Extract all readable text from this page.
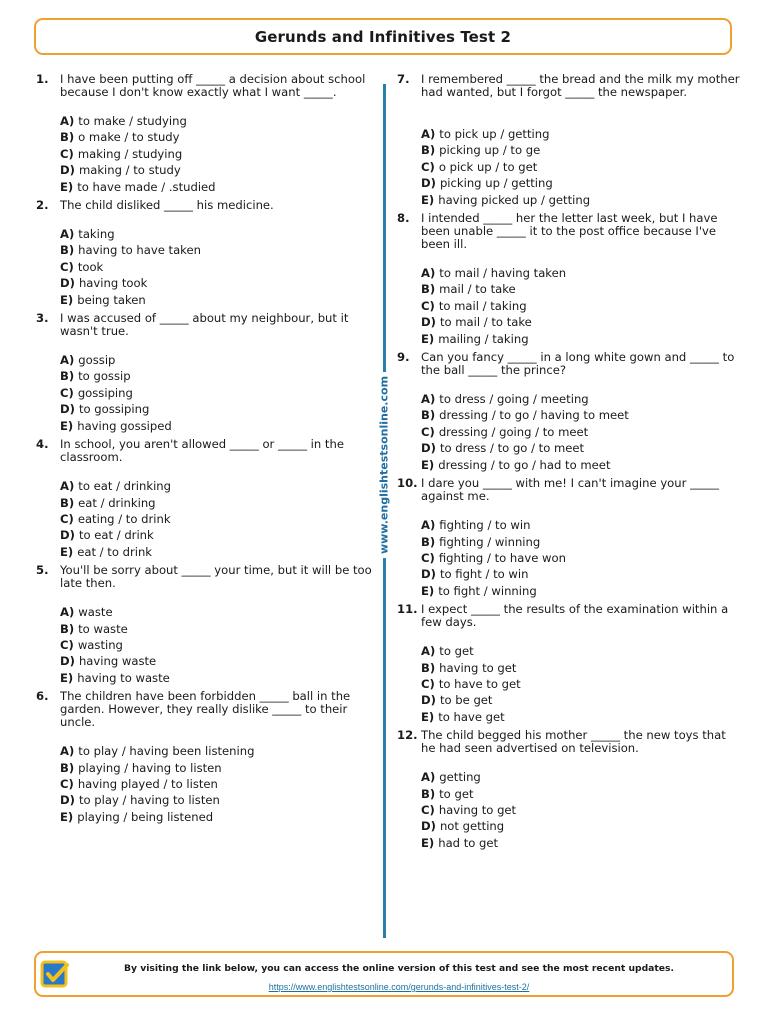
Gerunds and Infinitives Test 2
www.englishtestsonline.com
1. I have been putting off _____ a decision about school because I don't know exactly what I want _____.
A) to make / studying
B) o make / to study
C) making / studying
D) making / to study
E) to have made / .studied
2. The child disliked _____ his medicine.
A) taking
B) having to have taken
C) took
D) having took
E) being taken
3. I was accused of _____ about my neighbour, but it wasn't true.
A) gossip
B) to gossip
C) gossiping
D) to gossiping
E) having gossiped
4. In school, you aren't allowed _____ or _____ in the classroom.
A) to eat / drinking
B) eat / drinking
C) eating / to drink
D) to eat / drink
E) eat / to drink
5. You'll be sorry about _____ your time, but it will be too late then.
A) waste
B) to waste
C) wasting
D) having waste
E) having to waste
6. The children have been forbidden _____ ball in the garden. However, they really dislike _____ to their uncle.
A) to play / having been listening
B) playing / having to listen
C) having played / to listen
D) to play / having to listen
E) playing / being listened
7. I remembered _____ the bread and the milk my mother had wanted, but I forgot _____ the newspaper.
A) to pick up / getting
B) picking up / to ge
C) o pick up / to get
D) picking up / getting
E) having picked up / getting
8. I intended _____ her the letter last week, but I have been unable _____ it to the post office because I've been ill.
A) to mail / having taken
B) mail / to take
C) to mail / taking
D) to mail / to take
E) mailing / taking
9. Can you fancy _____ in a long white gown and _____ to the ball _____ the prince?
A) to dress / going / meeting
B) dressing / to go / having to meet
C) dressing / going / to meet
D) to dress / to go / to meet
E) dressing / to go / had to meet
10. I dare you _____ with me! I can't imagine your _____ against me.
A) fighting / to win
B) fighting / winning
C) fighting / to have won
D) to fight / to win
E) to fight / winning
11. I expect _____ the results of the examination within a few days.
A) to get
B) having to get
C) to have to get
D) to be get
E) to have get
12. The child begged his mother _____ the new toys that he had seen advertised on television.
A) getting
B) to get
C) having to get
D) not getting
E) had to get
By visiting the link below, you can access the online version of this test and see the most recent updates.
https://www.englishtestsonline.com/gerunds-and-infinitives-test-2/
